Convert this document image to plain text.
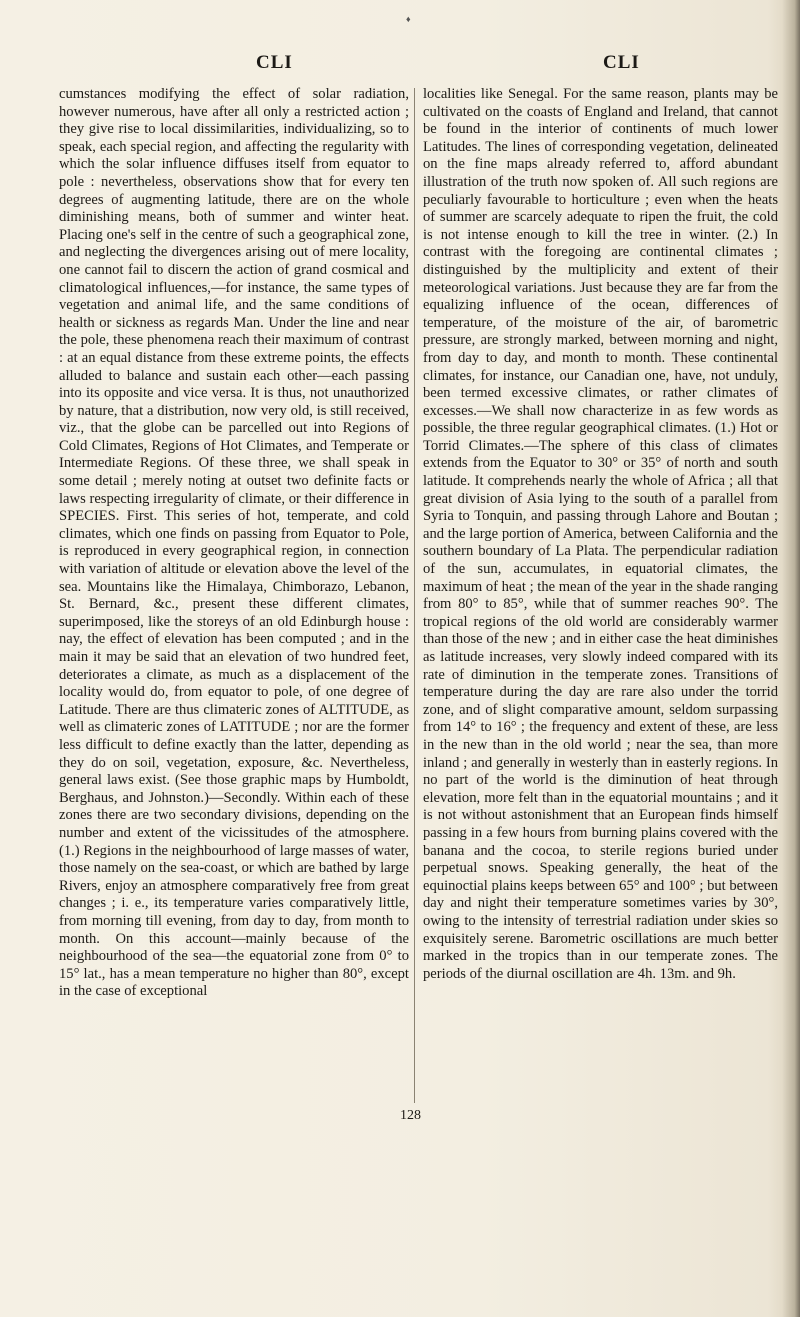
♦
CLI	CLI

cumstances modifying the effect of solar radiation, however numerous, have after all only a restricted action ; they give rise to local dissimilarities, individualizing, so to speak, each special region, and affecting the regularity with which the solar influence diffuses itself from equator to pole : nevertheless, observations show that for every ten degrees of augmenting latitude, there are on the whole diminishing means, both of summer and winter heat. Placing one's self in the centre of such a geographical zone, and neglecting the divergences arising out of mere locality, one cannot fail to discern the action of grand cosmical and climatological influences,—for instance, the same types of vegetation and animal life, and the same conditions of health or sickness as regards Man. Under the line and near the pole, these phenomena reach their maximum of contrast : at an equal distance from these extreme points, the effects alluded to balance and sustain each other—each passing into its opposite and vice versa. It is thus, not unauthorized by nature, that a distribution, now very old, is still received, viz., that the globe can be parcelled out into Regions of Cold Climates, Regions of Hot Climates, and Temperate or Intermediate Regions. Of these three, we shall speak in some detail ; merely noting at outset two definite facts or laws respecting irregularity of climate, or their difference in SPECIES. First. This series of hot, temperate, and cold climates, which one finds on passing from Equator to Pole, is reproduced in every geographical region, in connection with variation of altitude or elevation above the level of the sea. Mountains like the Himalaya, Chimborazo, Lebanon, St. Bernard, &c., present these different climates, superimposed, like the storeys of an old Edinburgh house : nay, the effect of elevation has been computed ; and in the main it may be said that an elevation of two hundred feet, deteriorates a climate, as much as a displacement of the locality would do, from equator to pole, of one degree of Latitude. There are thus climateric zones of ALTITUDE, as well as climateric zones of LATITUDE ; nor are the former less difficult to define exactly than the latter, depending as they do on soil, vegetation, exposure, &c. Nevertheless, general laws exist. (See those graphic maps by Humboldt, Berghaus, and Johnston.)—Secondly. Within each of these zones there are two secondary divisions, depending on the number and extent of the vicissitudes of the atmosphere. (1.) Regions in the neighbourhood of large masses of water, those namely on the sea-coast, or which are bathed by large Rivers, enjoy an atmosphere comparatively free from great changes ; i. e., its temperature varies comparatively little, from morning till evening, from day to day, from month to month. On this account—mainly because of the neighbourhood of the sea—the equatorial zone from 0° to 15° lat., has a mean temperature no higher than 80°, except in the case of exceptional

localities like Senegal. For the same reason, plants may be cultivated on the coasts of England and Ireland, that cannot be found in the interior of continents of much lower Latitudes. The lines of corresponding vegetation, delineated on the fine maps already referred to, afford abundant illustration of the truth now spoken of. All such regions are peculiarly favourable to horticulture ; even when the heats of summer are scarcely adequate to ripen the fruit, the cold is not intense enough to kill the tree in winter. (2.) In contrast with the foregoing are continental climates ; distinguished by the multiplicity and extent of their meteorological variations. Just because they are far from the equalizing influence of the ocean, differences of temperature, of the moisture of the air, of barometric pressure, are strongly marked, between morning and night, from day to day, and month to month. These continental climates, for instance, our Canadian one, have, not unduly, been termed excessive climates, or rather climates of excesses.—We shall now characterize in as few words as possible, the three regular geographical climates. (1.) Hot or Torrid Climates.—The sphere of this class of climates extends from the Equator to 30° or 35° of north and south latitude. It comprehends nearly the whole of Africa ; all that great division of Asia lying to the south of a parallel from Syria to Tonquin, and passing through Lahore and Boutan ; and the large portion of America, between California and the southern boundary of La Plata. The perpendicular radiation of the sun, accumulates, in equatorial climates, the maximum of heat ; the mean of the year in the shade ranging from 80° to 85°, while that of summer reaches 90°. The tropical regions of the old world are considerably warmer than those of the new ; and in either case the heat diminishes as latitude increases, very slowly indeed compared with its rate of diminution in the temperate zones. Transitions of temperature during the day are rare also under the torrid zone, and of slight comparative amount, seldom surpassing from 14° to 16° ; the frequency and extent of these, are less in the new than in the old world ; near the sea, than more inland ; and generally in westerly than in easterly regions. In no part of the world is the diminution of heat through elevation, more felt than in the equatorial mountains ; and it is not without astonishment that an European finds himself passing in a few hours from burning plains covered with the banana and the cocoa, to sterile regions buried under perpetual snows. Speaking generally, the heat of the equinoctial plains keeps between 65° and 100° ; but between day and night their temperature sometimes varies by 30°, owing to the intensity of terrestrial radiation under skies so exquisitely serene. Barometric oscillations are much better marked in the tropics than in our temperate zones. The periods of the diurnal oscillation are 4h. 13m. and 9h.

128
